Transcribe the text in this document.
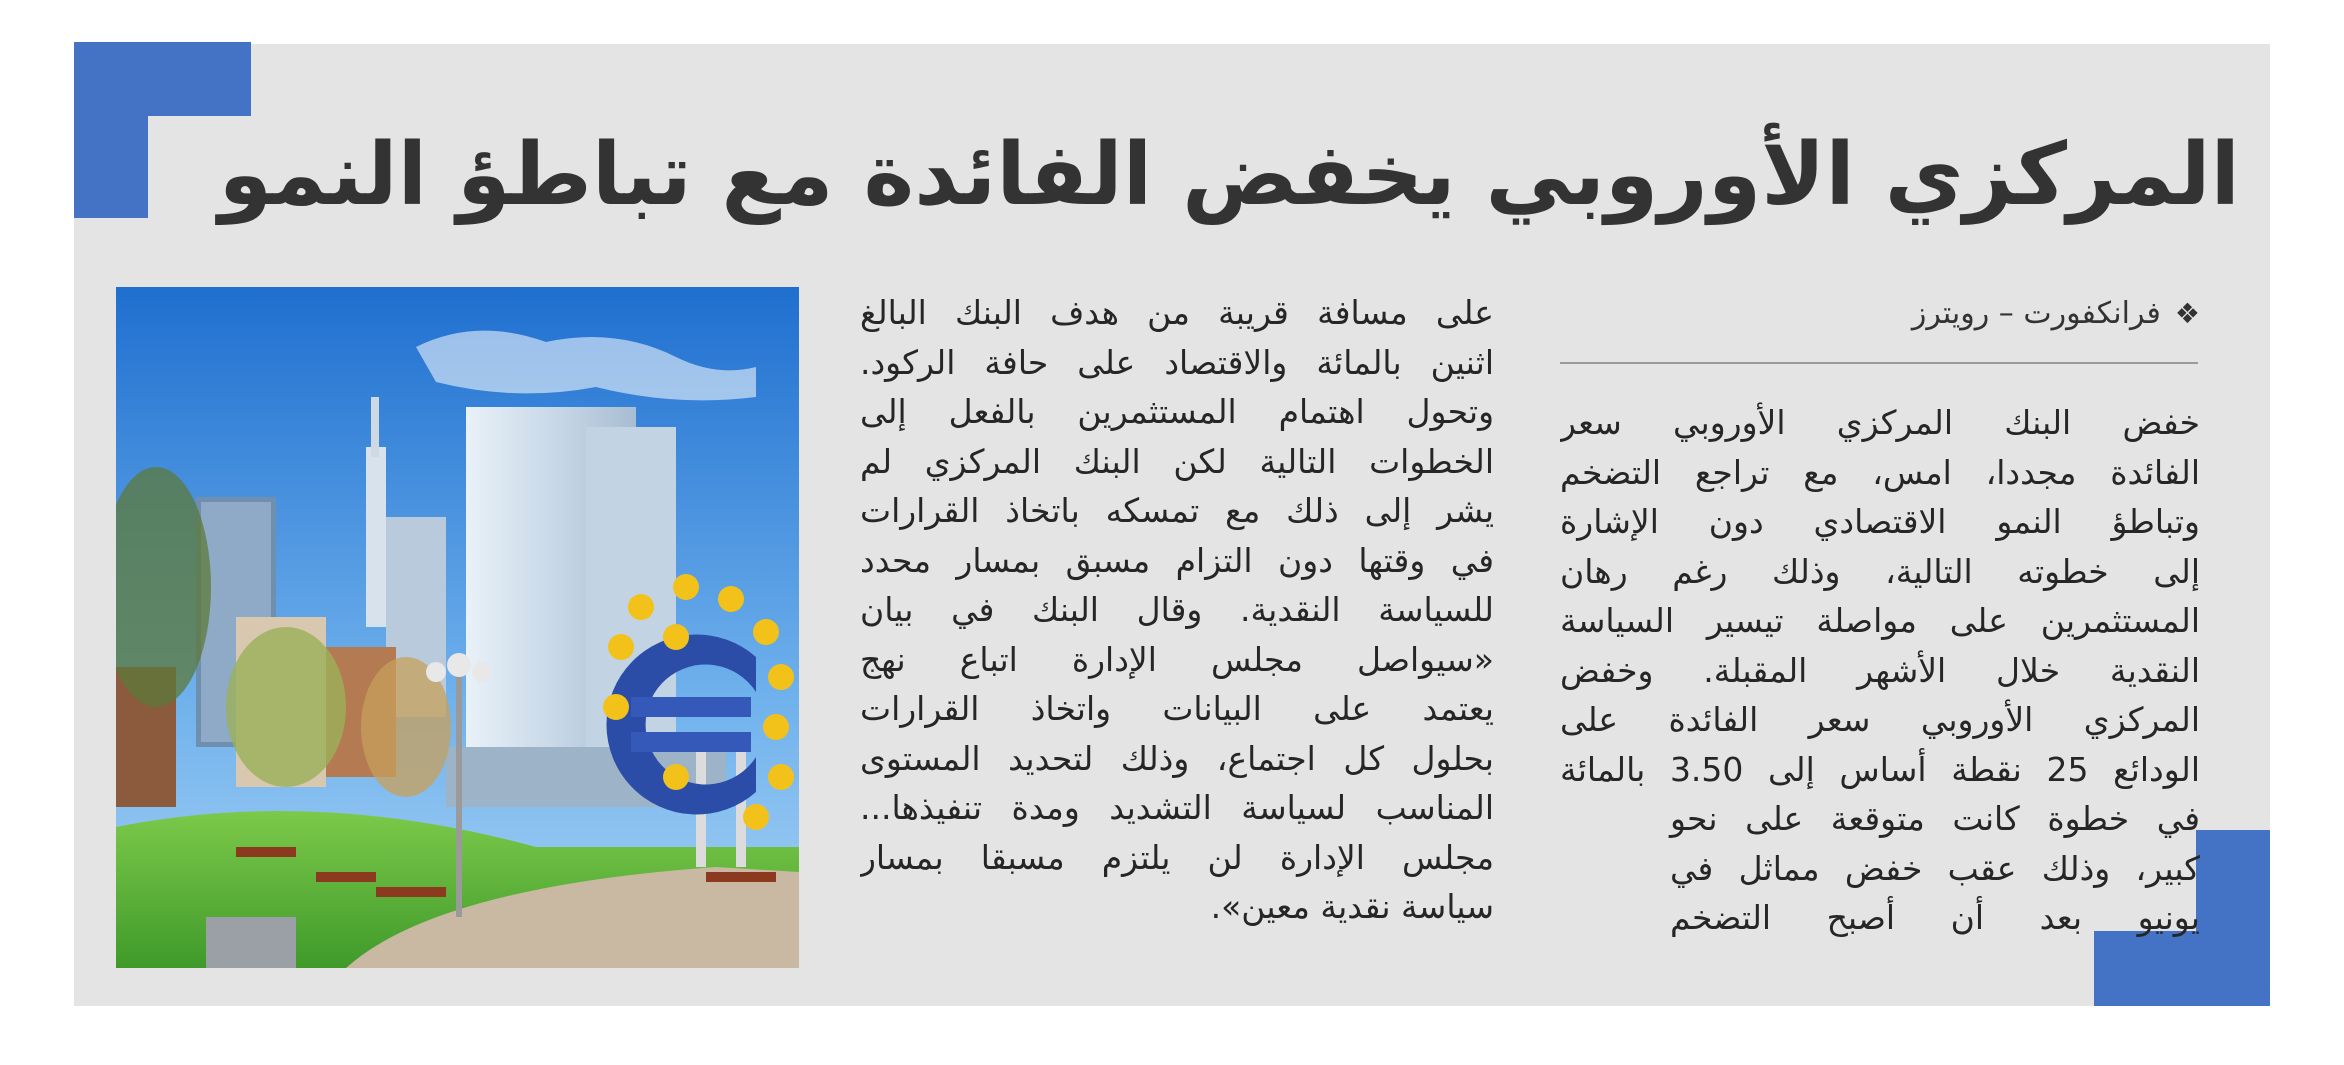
المركزي الأوروبي يخفض الفائدة مع تباطؤ النمو
❖فرانكفورت – رويترز
خفض البنك المركزي الأوروبي سعر
الفائدة مجددا، امس، مع تراجع التضخم
وتباطؤ النمو الاقتصادي دون الإشارة
إلى خطوته التالية، وذلك رغم رهان
المستثمرين على مواصلة تيسير السياسة
النقدية خلال الأشهر المقبلة. وخفض
المركزي الأوروبي سعر الفائدة على
الودائع 25 نقطة أساس إلى 3.50 بالمائة
في خطوة كانت متوقعة على نحو
كبير، وذلك عقب خفض مماثل في
يونيو بعد أن أصبح التضخم
على مسافة قريبة من هدف البنك البالغ
اثنين بالمائة والاقتصاد على حافة الركود.
وتحول اهتمام المستثمرين بالفعل إلى
الخطوات التالية لكن البنك المركزي لم
يشر إلى ذلك مع تمسكه باتخاذ القرارات
في وقتها دون التزام مسبق بمسار محدد
للسياسة النقدية. وقال البنك في بيان
«سيواصل مجلس الإدارة اتباع نهج
يعتمد على البيانات واتخاذ القرارات
بحلول كل اجتماع، وذلك لتحديد المستوى
المناسب لسياسة التشديد ومدة تنفيذها...
مجلس الإدارة لن يلتزم مسبقا بمسار
سياسة نقدية معين».
